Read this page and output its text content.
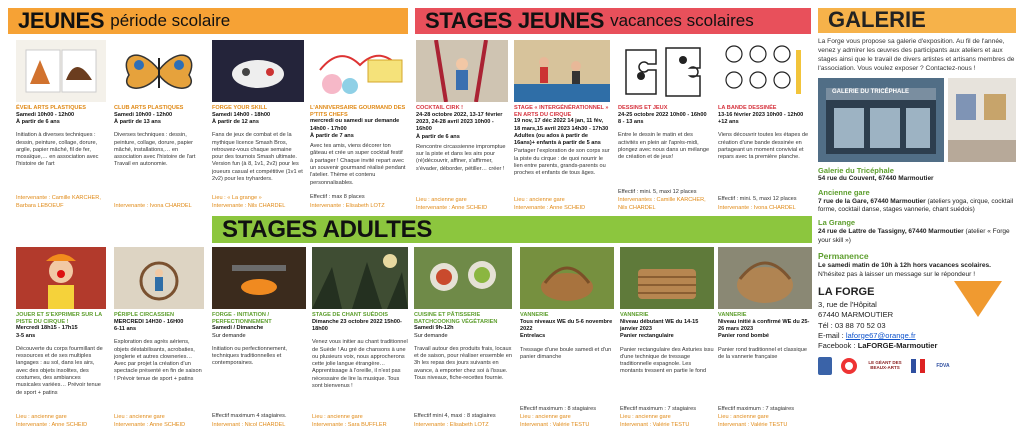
JEUNES période scolaire	STAGES JEUNES vacances scolaires
STAGES ADULTES
ÉVEIL ARTS PLASTIQUES
Samedi 10h00 - 12h00
À partir de 6 ans
Initiation à diverses techniques : dessin, peinture, collage, dorure, argile, papier mâché, fil de fer, mosaïque,… en association avec l'histoire de l'art
Intervenante : Camille KARCHER, Barbara LEBOEUF
CLUB ARTS PLASTIQUES
Samedi 10h00 - 12h00
À partir de 13 ans
Diverses techniques : dessin, peinture, collage, dorure, papier mâché, installations,… en association avec l'histoire de l'art Travail en autonomie.
Intervenante : Ivona CHARDEL
FORGE YOUR SKILL
Samedi 14h00 - 18h00
À partir de 12 ans
Fans de jeux de combat et de la mythique licence Smash Bros, retrouvez-vous chaque semaine pour des tournois Smash ultimate. Version fun (à 8, 1v1, 2v2) pour les joueurs casual et compétitive (1v1 et 2v2) pour les tryharders.
Lieu : « La grange »
Intervenante : Nils CHARDEL
L'ANNIVERSAIRE GOURMAND DES P'TITS CHEFS
mercredi ou samedi sur demande 14h00 - 17h00
À partir de 7 ans
Avec tes amis, viens décorer ton gâteau et crée un super cocktail festif à partager ! Chaque invité repart avec un souvenir gourmand réalisé pendant l'atelier. Thème et contenu personnalisables.
Effectif : max 8 places
Intervenante : Elisabeth LOTZ
COCKTAIL CIRK !
24-28 octobre 2022, 13-17 février 2023, 24-28 avril 2023 10h00 - 16h00
À partir de 6 ans
Rencontre circassienne impromptue sur la piste et dans les airs pour (ré)découvrir, affiner, s'affirmer, s'évader, déborder, pétiller… créer !
Lieu : ancienne gare
Intervenante : Anne SCHEID
STAGE « INTERGÉNÉRATIONNEL » EN ARTS DU CIRQUE
19 nov, 17 déc 2022 14 jan, 11 fév, 18 mars,15 avril 2023 14h30 - 17h30
Adultes (ou ados à partir de 16ans)+ enfants à partir de 5 ans
Partager l'exploration de son corps sur la piste du cirque : de quoi nourrir le lien entre parents, grands-parents ou proches et enfants de tous âges.
Lieu : ancienne gare
Intervenante : Anne SCHEID
DESSINS ET JEUX
24-25 octobre 2022 10h00 - 16h00
8 - 13 ans
Entre le dessin le matin et des activités en plein air l'après-midi, plongez avec nous dans un mélange de création et de jeux!
Effectif : mini. 5, maxi 12 places
Intervenantes : Camille KARCHER, Nils CHARDEL
LA BANDE DESSINÉE
13-16 février 2023 10h00 - 12h00
+12 ans
Viens découvrir toutes les étapes de création d'une bande dessinée en partageant un moment convivial et repars avec ta première planche.
Effectif : mini. 5, maxi 12 places
Intervenante : Ivona CHARDEL
JOUER ET S'EXPRIMER SUR LA PISTE DU CIRQUE !
Mercredi 18h15 - 17h15
3-5 ans
Découverte du corps fourmillant de ressources et de ses multiples langages : au sol, dans les airs, avec des objets insolites, des costumes, des ambiances musicales variées… Prévoir tenue de sport + patins
Lieu : ancienne gare
Intervenante : Anne SCHEID
PÉRIPLE CIRCASSIEN
MERCREDI 14H30 - 16H00
6-11 ans
Exploration des agrès aériens, objets déstabilisants, acrobaties, jonglerie et autres clowneries… Avec par projet la création d'un spectacle présenté en fin de saison ! Prévoir tenue de sport + patins
Lieu : ancienne gare
Intervenante : Anne SCHEID
FORGE - INITIATION / PERFECTIONNEMENT
Samedi / Dimanche
Sur demande
Initiation ou perfectionnement, techniques traditionnelles et contemporaines.
Effectif maximum 4 stagiaires.
Intervenant : Nicol CHARDEL
STAGE DE CHANT SUÉDOIS
Dimanche 23 octobre 2022 15h00-18h00
Venez vous initier au chant traditionnel de Suède ! Au gré de chansons à une ou plusieurs voix, nous approcherons cette jolie langue étrangère… Apprentissage à l'oreille, il n'est pas nécessaire de lire la musique. Tous sont bienvenus !
Lieu : ancienne gare
Intervenante : Sara BUFFLER
CUISINE ET PÂTISSERIE BATCHCOOKING VÉGÉTARIEN
Samedi 9h-12h
Sur demande
Travail autour des produits frais, locaux et de saison, pour réaliser ensemble en 3h les repas des jours suivants en avance, à emporter chez soi à l'issue. Tous niveaux, fiche-recettes fournie.
Effectif mini 4, maxi : 8 stagiaires
Intervenante : Elisabeth LOTZ
VANNERIE
Tous niveaux WE du 5-6 novembre 2022
Entrelacs
Tressage d'une boule samedi et d'un panier dimanche
Effectif maximum : 8 stagiaires
Lieu : ancienne gare
Intervenant : Valérie TESTU
VANNERIE
Niveau débutant WE du 14-15 janvier 2023
Panier rectangulaire
Panier rectangulaire des Asturies issu d'une technique de tressage traditionnelle espagnole. Les montants tressent en partie le fond
Effectif maximum : 7 stagiaires
Lieu : ancienne gare
Intervenant : Valérie TESTU
VANNERIE
Niveau initié à confirmé WE du 25-26 mars 2023
Panier rond bombé
Panier rond traditionnel et classique de la vannerie française
Effectif maximum : 7 stagiaires
Lieu : ancienne gare
Intervenant : Valérie TESTU
GALERIE
La Forge vous propose sa galerie d'exposition. Au fil de l'année, venez y admirer les œuvres des participants aux ateliers et aux stages ainsi que le travail de divers artistes et artisans membres de l'association. Vous voulez exposer ? Contactez-nous !
GALERIE DU TRICÉPHALE
Galerie du Tricéphale
54 rue du Couvent, 67440 Marmoutier
Ancienne gare
7 rue de la Gare, 67440 Marmoutier (ateliers yoga, cirque, cocktail forme, cocktail danse, stages vannerie, chant suédois)
La Grange
24 rue de Lattre de Tassigny, 67440 Marmoutier (atelier « Forge your skill »)
Permanence
Le samedi matin de 10h à 12h hors vacances scolaires.
N'hésitez pas à laisser un message sur le répondeur !
LA FORGE
3, rue de l'Hôpital
67440 MARMOUTIER
Tél : 03 88 70 52 03
E-mail : laforge67@orange.fr
Facebook : LaFORGE-Marmoutier
LE GÉANT DES BEAUX-ARTS	FDVA
